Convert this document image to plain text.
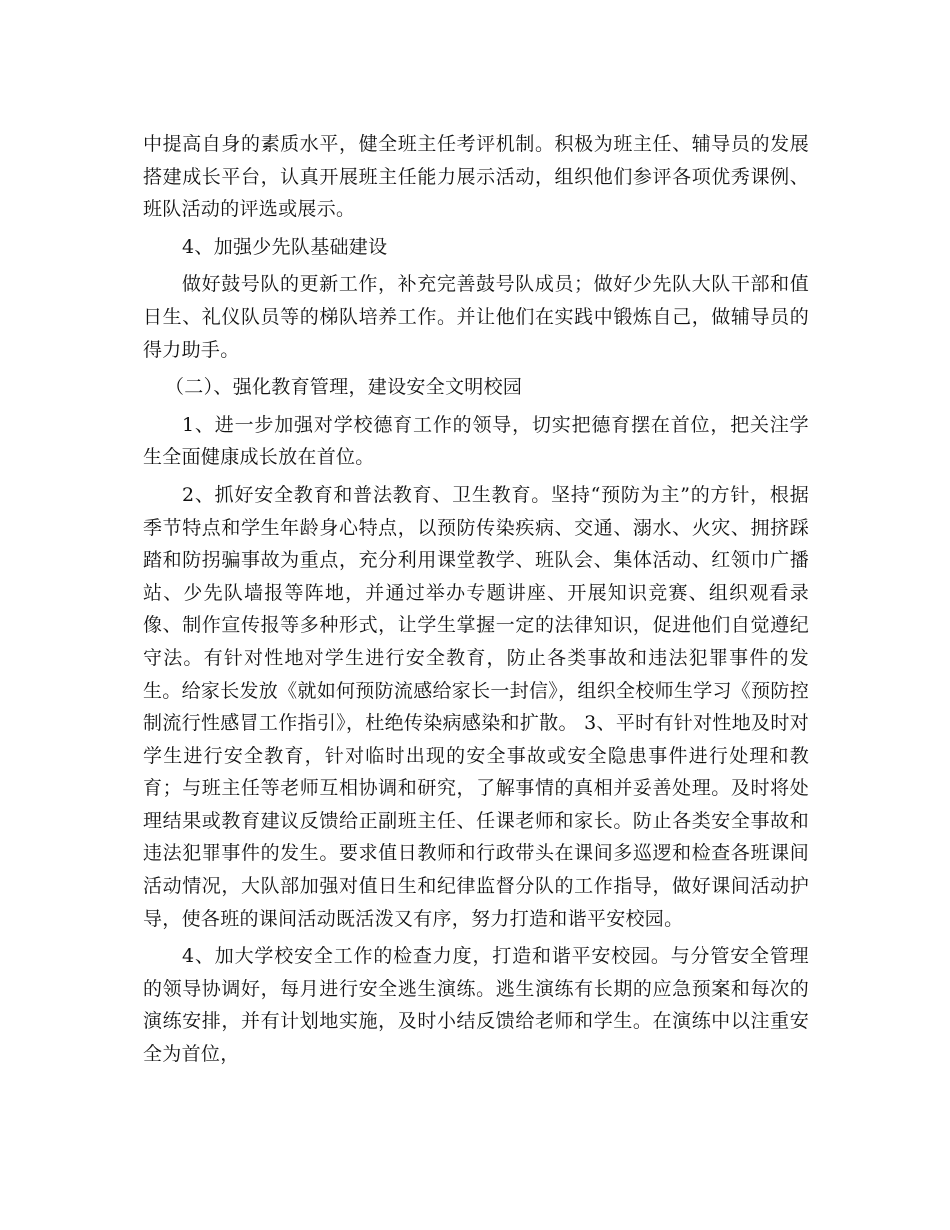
中提高自身的素质水平，健全班主任考评机制。积极为班主任、辅导员的发展搭建成长平台，认真开展班主任能力展示活动，组织他们参评各项优秀课例、班队活动的评选或展示。

4、加强少先队基础建设

做好鼓号队的更新工作，补充完善鼓号队成员；做好少先队大队干部和值日生、礼仪队员等的梯队培养工作。并让他们在实践中锻炼自己，做辅导员的得力助手。

（二）、强化教育管理，建设安全文明校园

1、进一步加强对学校德育工作的领导，切实把德育摆在首位，把关注学生全面健康成长放在首位。

2、抓好安全教育和普法教育、卫生教育。坚持“预防为主”的方针，根据季节特点和学生年龄身心特点，以预防传染疾病、交通、溺水、火灾、拥挤踩踏和防拐骗事故为重点，充分利用课堂教学、班队会、集体活动、红领巾广播站、少先队墙报等阵地，并通过举办专题讲座、开展知识竞赛、组织观看录像、制作宣传报等多种形式，让学生掌握一定的法律知识，促进他们自觉遵纪守法。有针对性地对学生进行安全教育，防止各类事故和违法犯罪事件的发生。给家长发放《就如何预防流感给家长一封信》，组织全校师生学习《预防控制流行性感冒工作指引》，杜绝传染病感染和扩散。 3、平时有针对性地及时对学生进行安全教育，针对临时出现的安全事故或安全隐患事件进行处理和教育；与班主任等老师互相协调和研究，了解事情的真相并妥善处理。及时将处理结果或教育建议反馈给正副班主任、任课老师和家长。防止各类安全事故和违法犯罪事件的发生。要求值日教师和行政带头在课间多巡逻和检查各班课间活动情况，大队部加强对值日生和纪律监督分队的工作指导，做好课间活动护导，使各班的课间活动既活泼又有序，努力打造和谐平安校园。

4、加大学校安全工作的检查力度，打造和谐平安校园。与分管安全管理的领导协调好，每月进行安全逃生演练。逃生演练有长期的应急预案和每次的演练安排，并有计划地实施，及时小结反馈给老师和学生。在演练中以注重安全为首位，
